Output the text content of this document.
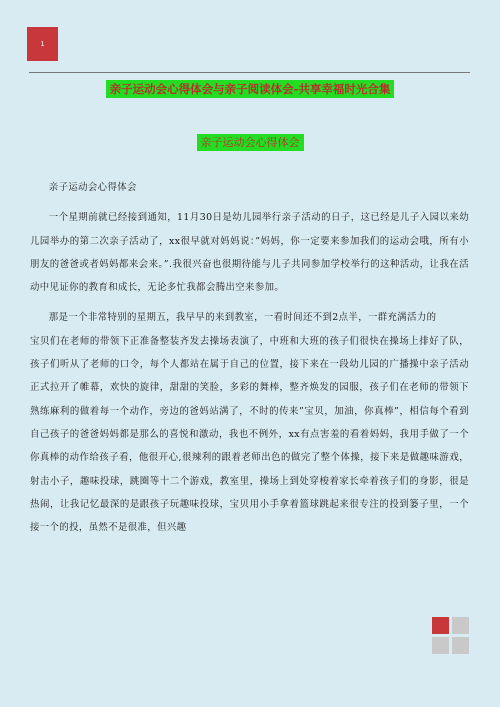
1
亲子运动会心得体会与亲子阅读体会-共享幸福时光合集
亲子运动会心得体会

亲子运动会心得体会

一个星期前就已经接到通知，11月30日是幼儿园举行亲子活动的日子，这已经是儿子入园以来幼儿园举办的第二次亲子活动了，xx很早就对妈妈说：”妈妈，你一定要来参加我们的运动会哦，所有小朋友的爸爸或者妈妈都来会来。”.我很兴奋也很期待能与儿子共同参加学校举行的这种活动，让我在活动中见证你的教育和成长，无论多忙我都会腾出空来参加。

那是一个非常特别的星期五，我早早的来到教室，一看时间还不到2点半，一群充满活力的

宝贝们在老师的带领下正准备整装齐发去操场表演了，中班和大班的孩子们很快在操场上排好了队，孩子们听从了老师的口令，每个人都站在属于自己的位置，接下来在一段幼儿园的广播操中亲子活动正式拉开了帷幕，欢快的旋律，甜甜的笑脸，多彩的舞棒，整齐焕发的园服，孩子们在老师的带领下熟练麻利的做着每一个动作，旁边的爸妈站满了，不时的传来”宝贝，加油，你真棒”，相信每个看到自己孩子的爸爸妈妈都是那么的喜悦和激动，我也不例外，xx有点害羞的看着妈妈，我用手做了一个你真棒的动作给孩子看，他很开心,很辣利的跟着老师出色的做完了整个体操，接下来是做趣味游戏，射击小子，趣味投球，跳圈等十二个游戏，教室里，操场上到处穿梭着家长牵着孩子们的身影，很是热闹，让我记忆最深的是跟孩子玩趣味投球，宝贝用小手拿着篮球跳起来很专注的投到篓子里，一个接一个的投，虽然不是很准，但兴趣
